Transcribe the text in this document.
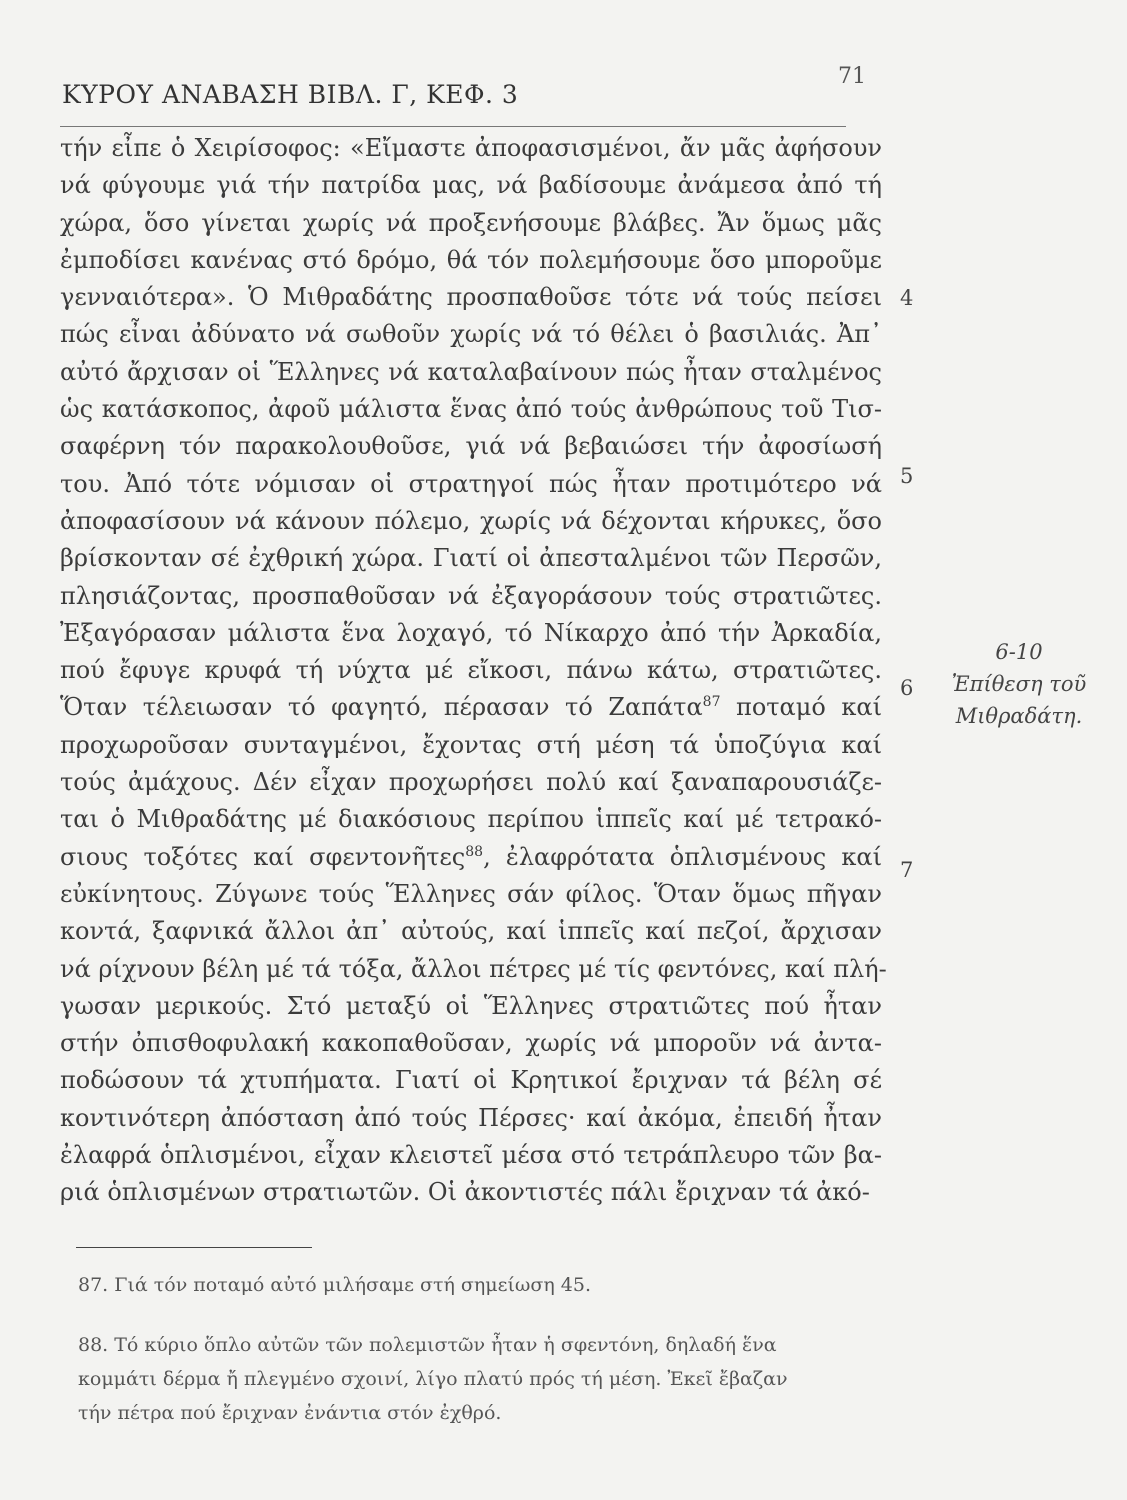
ΚΥΡΟΥ ΑΝΑΒΑΣΗ ΒΙΒΛ. Γ, ΚΕΦ. 3
71
τήν εἶπε ὁ Χειρίσοφος: «Εἴμαστε ἀποφασισμένοι, ἄν μᾶς ἀφήσουν
νά φύγουμε γιά τήν πατρίδα μας, νά βαδίσουμε ἀνάμεσα ἀπό τή
χώρα, ὅσο γίνεται χωρίς νά προξενήσουμε βλάβες. Ἄν ὅμως μᾶς
ἐμποδίσει κανένας στό δρόμο, θά τόν πολεμήσουμε ὅσο μποροῦμε
γενναιότερα». Ὁ Μιθραδάτης προσπαθοῦσε τότε νά τούς πείσει
πώς εἶναι ἀδύνατο νά σωθοῦν χωρίς νά τό θέλει ὁ βασιλιάς. Ἀπ᾽
αὐτό ἄρχισαν οἱ Ἕλληνες νά καταλαβαίνουν πώς ἦταν σταλμένος
ὡς κατάσκοπος, ἀφοῦ μάλιστα ἕνας ἀπό τούς ἀνθρώπους τοῦ Τισ-
σαφέρνη τόν παρακολουθοῦσε, γιά νά βεβαιώσει τήν ἀφοσίωσή
του. Ἀπό τότε νόμισαν οἱ στρατηγοί πώς ἦταν προτιμότερο νά
ἀποφασίσουν νά κάνουν πόλεμο, χωρίς νά δέχονται κήρυκες, ὅσο
βρίσκονταν σέ ἐχθρική χώρα. Γιατί οἱ ἀπεσταλμένοι τῶν Περσῶν,
πλησιάζοντας, προσπαθοῦσαν νά ἐξαγοράσουν τούς στρατιῶτες.
Ἐξαγόρασαν μάλιστα ἕνα λοχαγό, τό Νίκαρχο ἀπό τήν Ἀρκαδία,
πού ἔφυγε κρυφά τή νύχτα μέ εἴκοσι, πάνω κάτω, στρατιῶτες.
Ὅταν τέλειωσαν τό φαγητό, πέρασαν τό Ζαπάτα$^{87}$ ποταμό καί
προχωροῦσαν συνταγμένοι, ἔχοντας στή μέση τά ὑποζύγια καί
τούς ἀμάχους. Δέν εἶχαν προχωρήσει πολύ καί ξαναπαρουσιάζε-
ται ὁ Μιθραδάτης μέ διακόσιους περίπου ἱππεῖς καί μέ τετρακό-
σιους τοξότες καί σφεντονῆτες$^{88}$, ἐλαφρότατα ὁπλισμένους καί
εὐκίνητους. Ζύγωνε τούς Ἕλληνες σάν φίλος. Ὅταν ὅμως πῆγαν
κοντά, ξαφνικά ἄλλοι ἀπ᾽ αὐτούς, καί ἱππεῖς καί πεζοί, ἄρχισαν
νά ρίχνουν βέλη μέ τά τόξα, ἄλλοι πέτρες μέ τίς φεντόνες, καί πλή-
γωσαν μερικούς. Στό μεταξύ οἱ Ἕλληνες στρατιῶτες πού ἦταν
στήν ὀπισθοφυλακή κακοπαθοῦσαν, χωρίς νά μποροῦν νά ἀντα-
ποδώσουν τά χτυπήματα. Γιατί οἱ Κρητικοί ἔριχναν τά βέλη σέ
κοντινότερη ἀπόσταση ἀπό τούς Πέρσες· καί ἀκόμα, ἐπειδή ἦταν
ἐλαφρά ὁπλισμένοι, εἶχαν κλειστεῖ μέσα στό τετράπλευρο τῶν βα-
ριά ὁπλισμένων στρατιωτῶν. Οἱ ἀκοντιστές πάλι ἔριχναν τά ἀκό-
4
5
6
7
6-10
Ἐπίθεση τοῦ
Μιθραδάτη.
87. Γιά τόν ποταμό αὐτό μιλήσαμε στή σημείωση 45.
88. Τό κύριο ὅπλο αὐτῶν τῶν πολεμιστῶν ἦταν ἡ σφεντόνη, δηλαδή ἕνα
κομμάτι δέρμα ἤ πλεγμένο σχοινί, λίγο πλατύ πρός τή μέση. Ἐκεῖ ἔβαζαν
τήν πέτρα πού ἔριχναν ἐνάντια στόν ἐχθρό.
